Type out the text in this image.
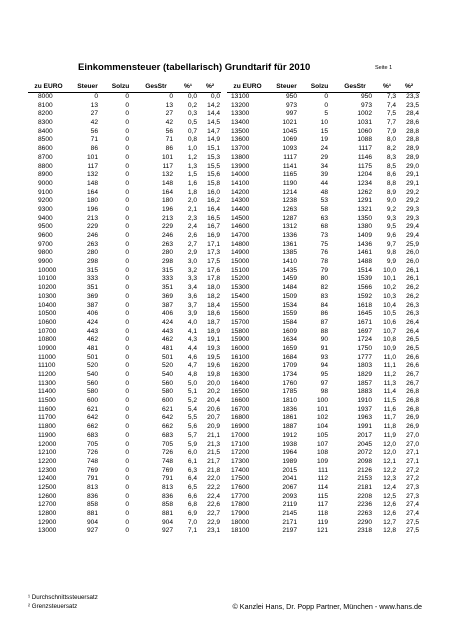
Einkommensteuer (tabellarisch) Grundtarif für 2010	Seite 1
zu EURO	Steuer	Solzu	GesStr	%¹	%²
8000	0	0	0	0,0	0,0
8100	13	0	13	0,2	14,2
8200	27	0	27	0,3	14,4
8300	42	0	42	0,5	14,5
8400	56	0	56	0,7	14,7
8500	71	0	71	0,8	14,9
8600	86	0	86	1,0	15,1
8700	101	0	101	1,2	15,3
8800	117	0	117	1,3	15,5
8900	132	0	132	1,5	15,6
9000	148	0	148	1,6	15,8
9100	164	0	164	1,8	16,0
9200	180	0	180	2,0	16,2
9300	196	0	196	2,1	16,4
9400	213	0	213	2,3	16,5
9500	229	0	229	2,4	16,7
9600	246	0	246	2,6	16,9
9700	263	0	263	2,7	17,1
9800	280	0	280	2,9	17,3
9900	298	0	298	3,0	17,5
10000	315	0	315	3,2	17,6
10100	333	0	333	3,3	17,8
10200	351	0	351	3,4	18,0
10300	369	0	369	3,6	18,2
10400	387	0	387	3,7	18,4
10500	406	0	406	3,9	18,6
10600	424	0	424	4,0	18,7
10700	443	0	443	4,1	18,9
10800	462	0	462	4,3	19,1
10900	481	0	481	4,4	19,3
11000	501	0	501	4,6	19,5
11100	520	0	520	4,7	19,6
11200	540	0	540	4,8	19,8
11300	560	0	560	5,0	20,0
11400	580	0	580	5,1	20,2
11500	600	0	600	5,2	20,4
11600	621	0	621	5,4	20,6
11700	642	0	642	5,5	20,7
11800	662	0	662	5,6	20,9
11900	683	0	683	5,7	21,1
12000	705	0	705	5,9	21,3
12100	726	0	726	6,0	21,5
12200	748	0	748	6,1	21,7
12300	769	0	769	6,3	21,8
12400	791	0	791	6,4	22,0
12500	813	0	813	6,5	22,2
12600	836	0	836	6,6	22,4
12700	858	0	858	6,8	22,6
12800	881	0	881	6,9	22,7
12900	904	0	904	7,0	22,9
13000	927	0	927	7,1	23,1
zu EURO	Steuer	Solzu	GesStr	%¹	%²
13100	950	0	950	7,3	23,3
13200	973	0	973	7,4	23,5
13300	997	5	1002	7,5	28,4
13400	1021	10	1031	7,7	28,6
13500	1045	15	1060	7,9	28,8
13600	1069	19	1088	8,0	28,8
13700	1093	24	1117	8,2	28,9
13800	1117	29	1146	8,3	28,9
13900	1141	34	1175	8,5	29,0
14000	1165	39	1204	8,6	29,1
14100	1190	44	1234	8,8	29,1
14200	1214	48	1262	8,9	29,2
14300	1238	53	1291	9,0	29,2
14400	1263	58	1321	9,2	29,3
14500	1287	63	1350	9,3	29,3
14600	1312	68	1380	9,5	29,4
14700	1336	73	1409	9,6	29,4
14800	1361	75	1436	9,7	25,9
14900	1385	76	1461	9,8	26,0
15000	1410	78	1488	9,9	26,0
15100	1435	79	1514	10,0	26,1
15200	1459	80	1539	10,1	26,1
15300	1484	82	1566	10,2	26,2
15400	1509	83	1592	10,3	26,2
15500	1534	84	1618	10,4	26,3
15600	1559	86	1645	10,5	26,3
15700	1584	87	1671	10,6	26,4
15800	1609	88	1697	10,7	26,4
15900	1634	90	1724	10,8	26,5
16000	1659	91	1750	10,9	26,5
16100	1684	93	1777	11,0	26,6
16200	1709	94	1803	11,1	26,6
16300	1734	95	1829	11,2	26,7
16400	1760	97	1857	11,3	26,7
16500	1785	98	1883	11,4	26,8
16600	1810	100	1910	11,5	26,8
16700	1836	101	1937	11,6	26,8
16800	1861	102	1963	11,7	26,9
16900	1887	104	1991	11,8	26,9
17000	1912	105	2017	11,9	27,0
17100	1938	107	2045	12,0	27,0
17200	1964	108	2072	12,0	27,1
17300	1989	109	2098	12,1	27,1
17400	2015	111	2126	12,2	27,2
17500	2041	112	2153	12,3	27,2
17600	2067	114	2181	12,4	27,3
17700	2093	115	2208	12,5	27,3
17800	2119	117	2236	12,6	27,4
17900	2145	118	2263	12,6	27,4
18000	2171	119	2290	12,7	27,5
18100	2197	121	2318	12,8	27,5
¹ Durchschnittssteuersatz
² Grenzsteuersatz	© Kanzlei Hans, Dr. Popp Partner, München - www.hans.de
